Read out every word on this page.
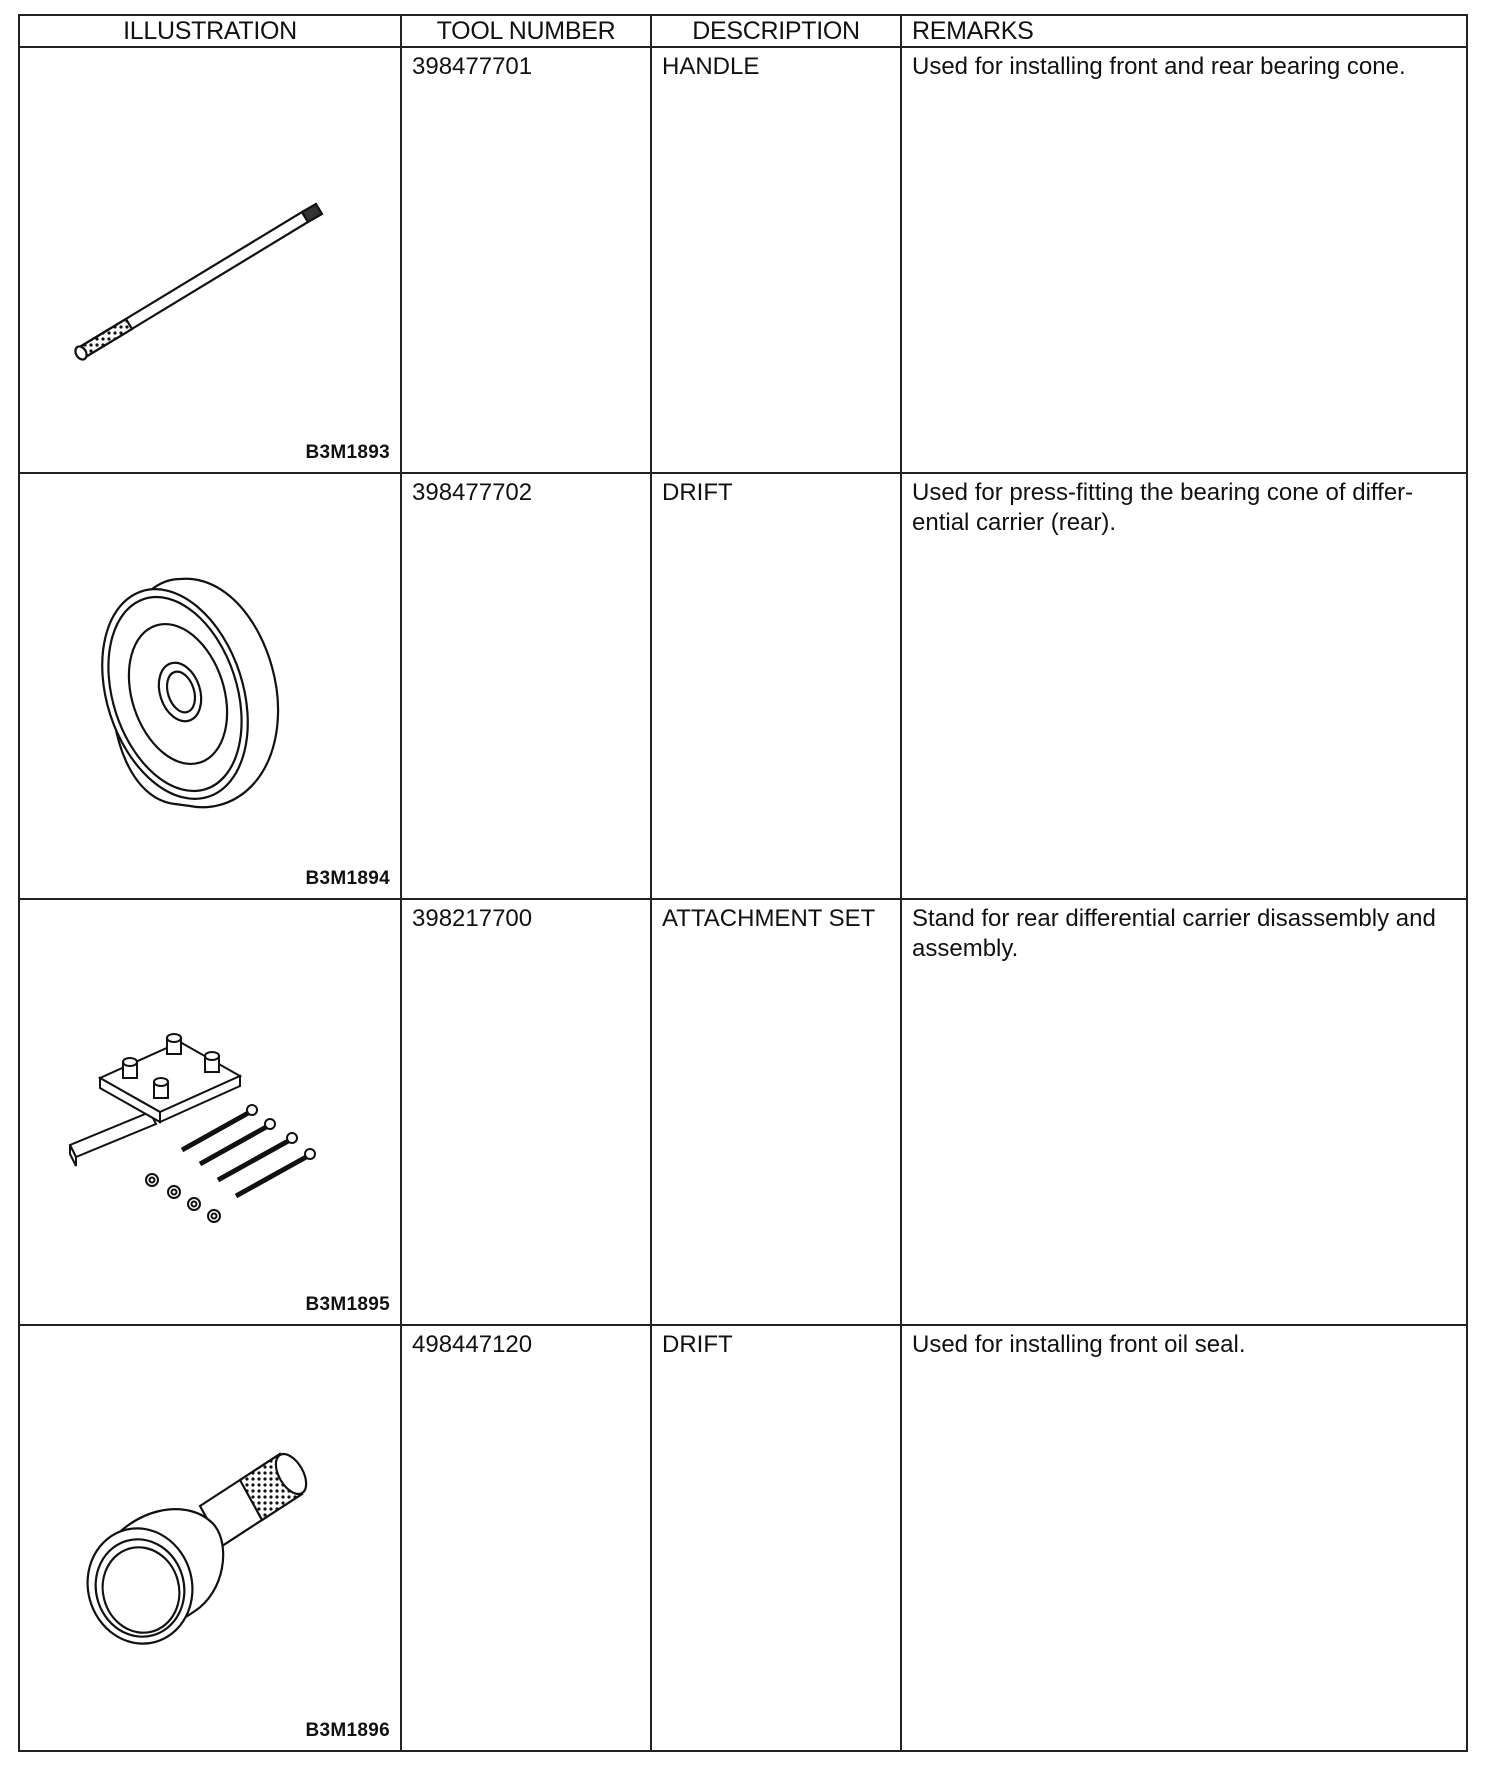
ILLUSTRATION	TOOL NUMBER	DESCRIPTION	REMARKS

B3M1893	398477701	HANDLE	Used for installing front and rear bearing cone.

B3M1894	398477702	DRIFT	Used for press-fitting the bearing cone of differ-ential carrier (rear).

B3M1895	398217700	ATTACHMENT SET	Stand for rear differential carrier disassembly and assembly.

B3M1896	498447120	DRIFT	Used for installing front oil seal.
